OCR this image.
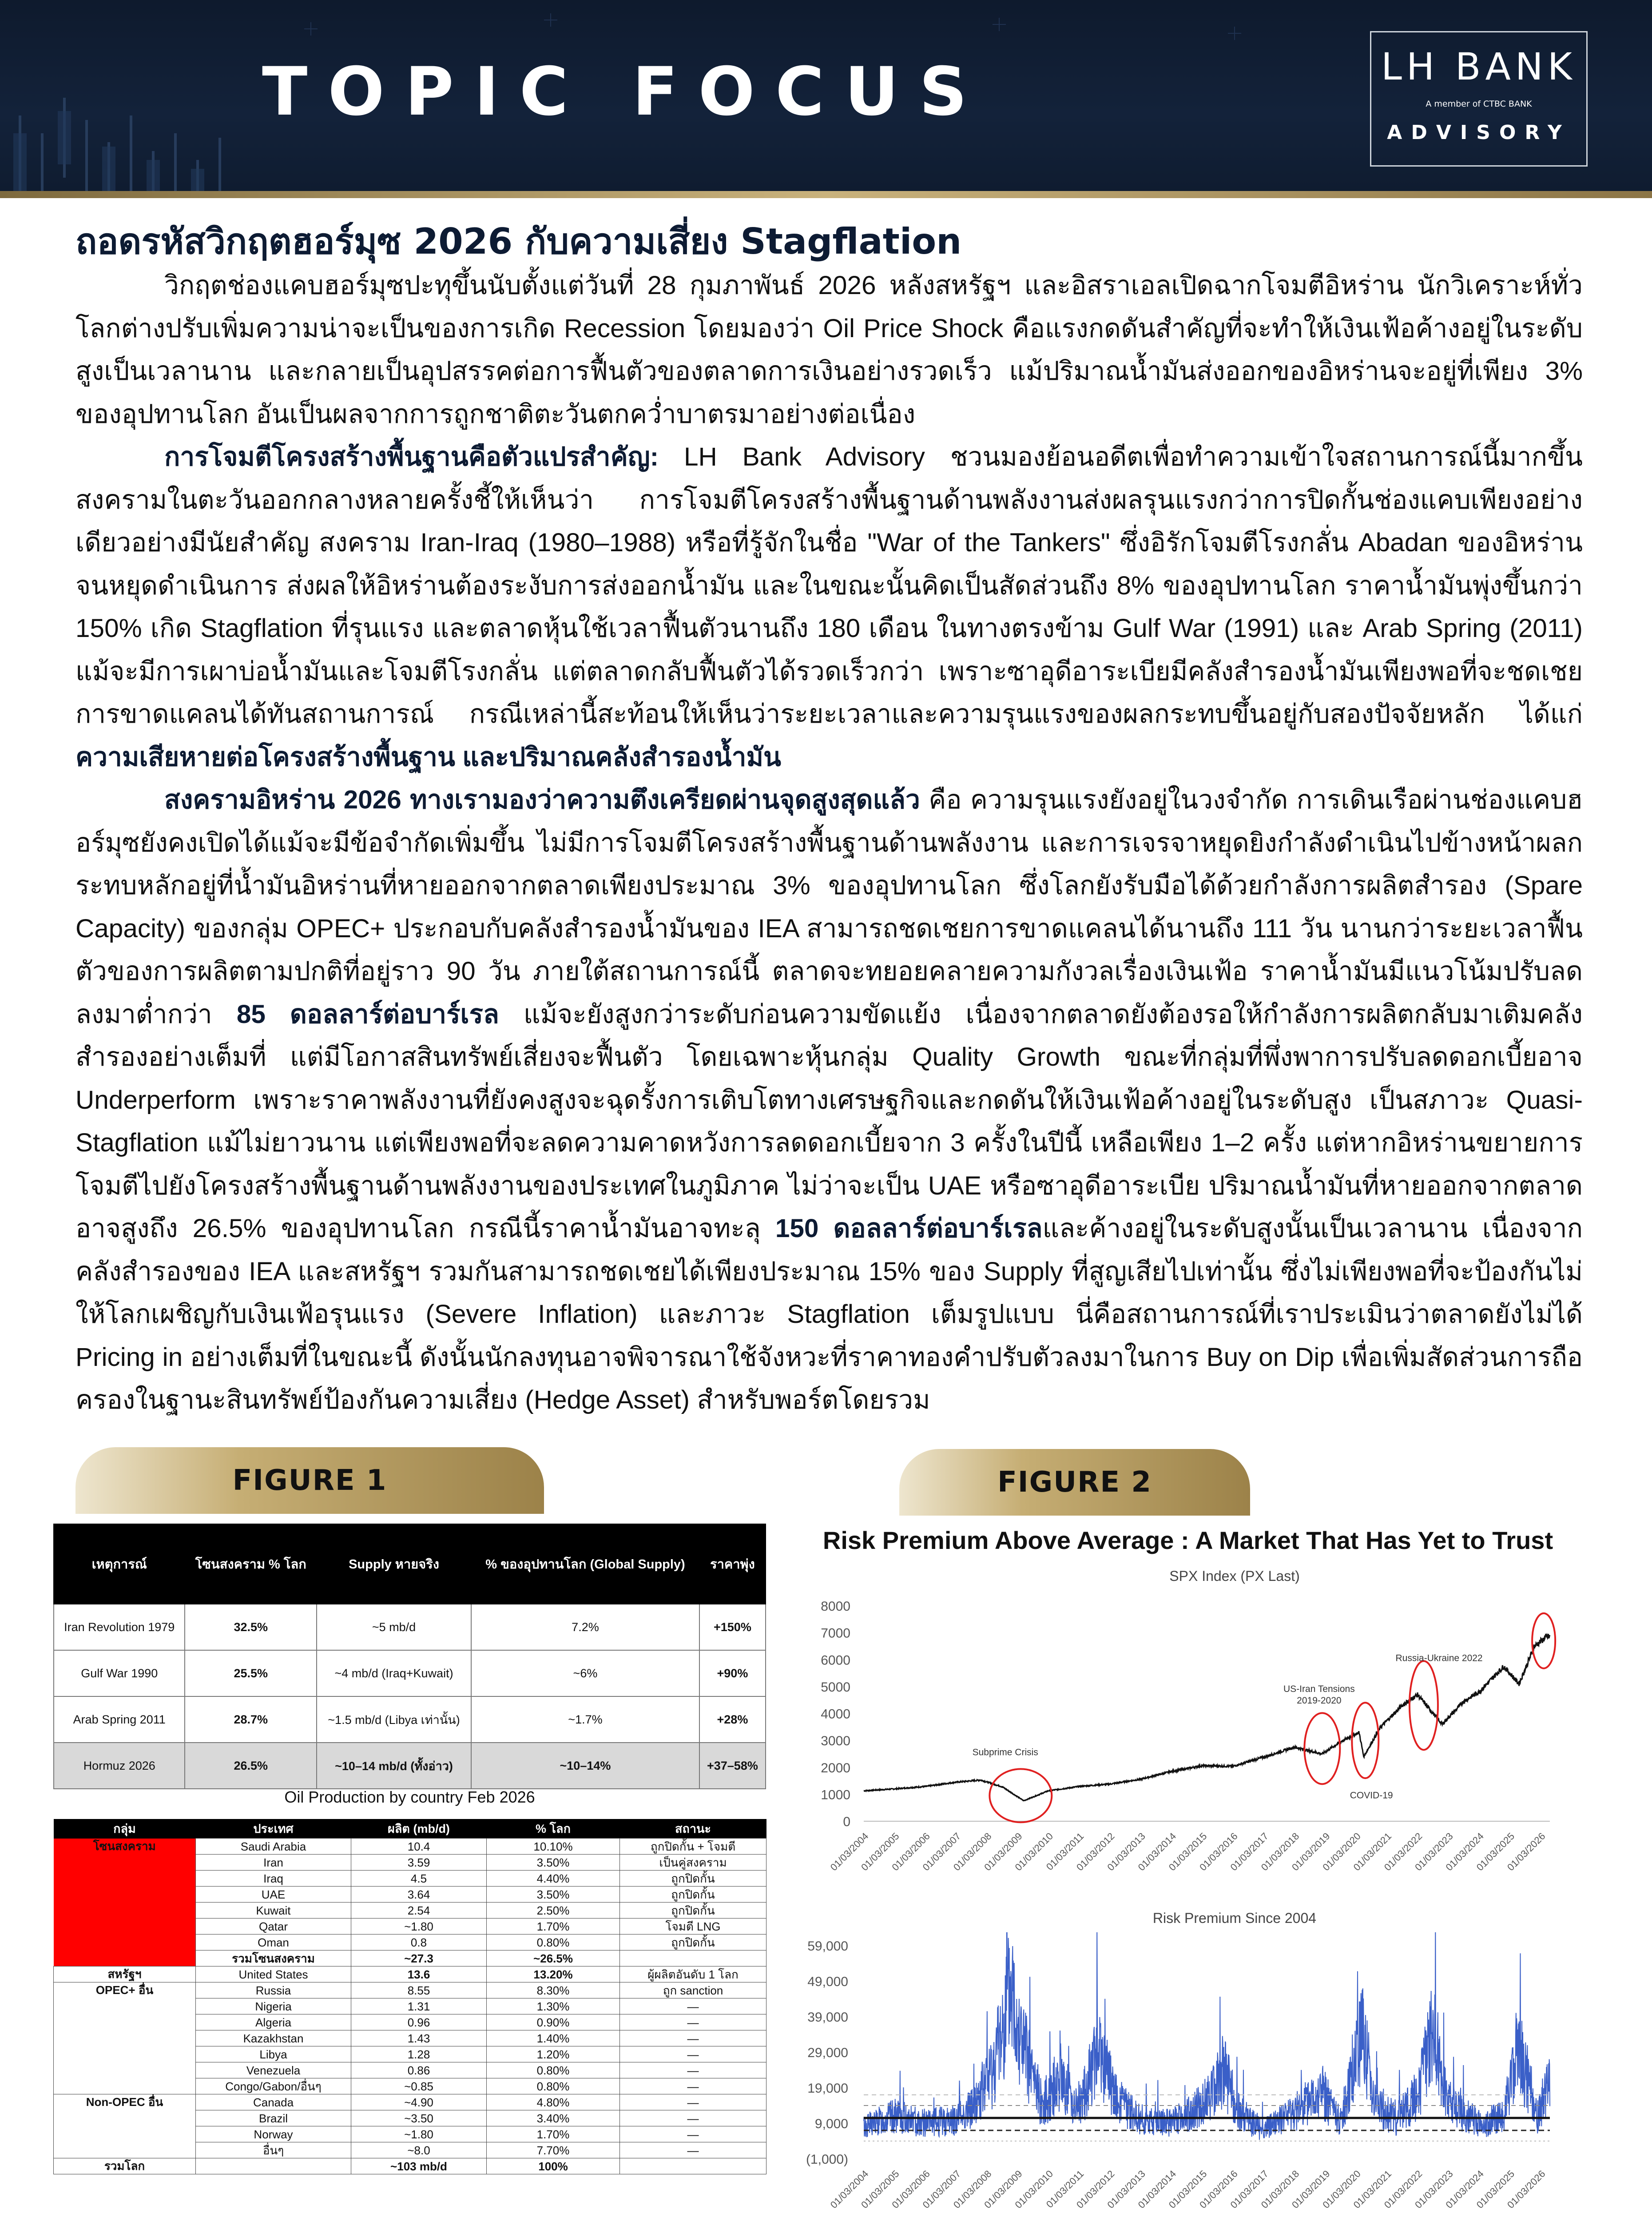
TOPIC FOCUS	LH BANK
A member of CTBC BANK
ADVISORY
ถอดรหัสวิกฤตฮอร์มุซ 2026 กับความเสี่ยง Stagflation

วิกฤตช่องแคบฮอร์มุซปะทุขึ้นนับตั้งแต่วันที่ 28 กุมภาพันธ์ 2026 หลังสหรัฐฯ และอิสราเอลเปิดฉากโจมตีอิหร่าน นักวิเคราะห์ทั่วโลกต่างปรับเพิ่มความน่าจะเป็นของการเกิด Recession โดยมองว่า Oil Price Shock คือแรงกดดันสำคัญที่จะทำให้เงินเฟ้อค้างอยู่ในระดับสูงเป็นเวลานาน และกลายเป็นอุปสรรคต่อการฟื้นตัวของตลาดการเงินอย่างรวดเร็ว แม้ปริมาณน้ำมันส่งออกของอิหร่านจะอยู่ที่เพียง 3% ของอุปทานโลก อันเป็นผลจากการถูกชาติตะวันตกคว่ำบาตรมาอย่างต่อเนื่อง

การโจมตีโครงสร้างพื้นฐานคือตัวแปรสำคัญ: LH Bank Advisory ชวนมองย้อนอดีตเพื่อทำความเข้าใจสถานการณ์นี้มากขึ้น สงครามในตะวันออกกลางหลายครั้งชี้ให้เห็นว่า การโจมตีโครงสร้างพื้นฐานด้านพลังงานส่งผลรุนแรงกว่าการปิดกั้นช่องแคบเพียงอย่างเดียวอย่างมีนัยสำคัญ สงคราม Iran-Iraq (1980–1988) หรือที่รู้จักในชื่อ "War of the Tankers" ซึ่งอิรักโจมตีโรงกลั่น Abadan ของอิหร่านจนหยุดดำเนินการ ส่งผลให้อิหร่านต้องระงับการส่งออกน้ำมัน และในขณะนั้นคิดเป็นสัดส่วนถึง 8% ของอุปทานโลก ราคาน้ำมันพุ่งขึ้นกว่า 150% เกิด Stagflation ที่รุนแรง และตลาดหุ้นใช้เวลาฟื้นตัวนานถึง 180 เดือน ในทางตรงข้าม Gulf War (1991) และ Arab Spring (2011) แม้จะมีการเผาบ่อน้ำมันและโจมตีโรงกลั่น แต่ตลาดกลับฟื้นตัวได้รวดเร็วกว่า เพราะซาอุดีอาระเบียมีคลังสำรองน้ำมันเพียงพอที่จะชดเชยการขาดแคลนได้ทันสถานการณ์ กรณีเหล่านี้สะท้อนให้เห็นว่าระยะเวลาและความรุนแรงของผลกระทบขึ้นอยู่กับสองปัจจัยหลัก ได้แก่ ความเสียหายต่อโครงสร้างพื้นฐาน และปริมาณคลังสำรองน้ำมัน

สงครามอิหร่าน 2026 ทางเรามองว่าความตึงเครียดผ่านจุดสูงสุดแล้ว คือ ความรุนแรงยังอยู่ในวงจำกัด การเดินเรือผ่านช่องแคบฮอร์มุซยังคงเปิดได้แม้จะมีข้อจำกัดเพิ่มขึ้น ไม่มีการโจมตีโครงสร้างพื้นฐานด้านพลังงาน และการเจรจาหยุดยิงกำลังดำเนินไปข้างหน้าผลกระทบหลักอยู่ที่น้ำมันอิหร่านที่หายออกจากตลาดเพียงประมาณ 3% ของอุปทานโลก ซึ่งโลกยังรับมือได้ด้วยกำลังการผลิตสำรอง (Spare Capacity) ของกลุ่ม OPEC+ ประกอบกับคลังสำรองน้ำมันของ IEA สามารถชดเชยการขาดแคลนได้นานถึง 111 วัน นานกว่าระยะเวลาฟื้นตัวของการผลิตตามปกติที่อยู่ราว 90 วัน ภายใต้สถานการณ์นี้ ตลาดจะทยอยคลายความกังวลเรื่องเงินเฟ้อ ราคาน้ำมันมีแนวโน้มปรับลดลงมาต่ำกว่า 85 ดอลลาร์ต่อบาร์เรล แม้จะยังสูงกว่าระดับก่อนความขัดแย้ง เนื่องจากตลาดยังต้องรอให้กำลังการผลิตกลับมาเติมคลังสำรองอย่างเต็มที่ แต่มีโอกาสสินทรัพย์เสี่ยงจะฟื้นตัว โดยเฉพาะหุ้นกลุ่ม Quality Growth ขณะที่กลุ่มที่พึ่งพาการปรับลดดอกเบี้ยอาจ Underperform เพราะราคาพลังงานที่ยังคงสูงจะฉุดรั้งการเติบโตทางเศรษฐกิจและกดดันให้เงินเฟ้อค้างอยู่ในระดับสูง เป็นสภาวะ Quasi-Stagflation แม้ไม่ยาวนาน แต่เพียงพอที่จะลดความคาดหวังการลดดอกเบี้ยจาก 3 ครั้งในปีนี้ เหลือเพียง 1–2 ครั้ง แต่หากอิหร่านขยายการโจมตีไปยังโครงสร้างพื้นฐานด้านพลังงานของประเทศในภูมิภาค ไม่ว่าจะเป็น UAE หรือซาอุดีอาระเบีย ปริมาณน้ำมันที่หายออกจากตลาดอาจสูงถึง 26.5% ของอุปทานโลก กรณีนี้ราคาน้ำมันอาจทะลุ 150 ดอลลาร์ต่อบาร์เรลและค้างอยู่ในระดับสูงนั้นเป็นเวลานาน เนื่องจากคลังสำรองของ IEA และสหรัฐฯ รวมกันสามารถชดเชยได้เพียงประมาณ 15% ของ Supply ที่สูญเสียไปเท่านั้น ซึ่งไม่เพียงพอที่จะป้องกันไม่ให้โลกเผชิญกับเงินเฟ้อรุนแรง (Severe Inflation) และภาวะ Stagflation เต็มรูปแบบ นี่คือสถานการณ์ที่เราประเมินว่าตลาดยังไม่ได้ Pricing in อย่างเต็มที่ในขณะนี้ ดังนั้นนักลงทุนอาจพิจารณาใช้จังหวะที่ราคาทองคำปรับตัวลงมาในการ Buy on Dip เพื่อเพิ่มสัดส่วนการถือครองในฐานะสินทรัพย์ป้องกันความเสี่ยง (Hedge Asset) สำหรับพอร์ตโดยรวม

FIGURE 1	FIGURE 2
เหตุการณ์	โซนสงคราม % โลก	Supply หายจริง	% ของอุปทานโลก (Global Supply)	ราคาพุ่ง
Iran Revolution 1979	32.5%	~5 mb/d	7.2%	+150%
Gulf War 1990	25.5%	~4 mb/d (Iraq+Kuwait)	~6%	+90%
Arab Spring 2011	28.7%	~1.5 mb/d (Libya เท่านั้น)	~1.7%	+28%
Hormuz 2026	26.5%	~10–14 mb/d (ทั้งอ่าว)	~10–14%	+37–58%
Oil Production by country Feb 2026
กลุ่ม	ประเทศ	ผลิต (mb/d)	% โลก	สถานะ
โซนสงคราม	Saudi Arabia	10.4	10.10%	ถูกปิดกั้น + โจมตี
	Iran	3.59	3.50%	เป็นคู่สงคราม
	Iraq	4.5	4.40%	ถูกปิดกั้น
	UAE	3.64	3.50%	ถูกปิดกั้น
	Kuwait	2.54	2.50%	ถูกปิดกั้น
	Qatar	~1.80	1.70%	โจมตี LNG
	Oman	0.8	0.80%	ถูกปิดกั้น
	รวมโซนสงคราม	~27.3	~26.5%	
สหรัฐฯ	United States	13.6	13.20%	ผู้ผลิตอันดับ 1 โลก
OPEC+ อื่น	Russia	8.55	8.30%	ถูก sanction
	Nigeria	1.31	1.30%	—
	Algeria	0.96	0.90%	—
	Kazakhstan	1.43	1.40%	—
	Libya	1.28	1.20%	—
	Venezuela	0.86	0.80%	—
	Congo/Gabon/อื่นๆ	~0.85	0.80%	—
Non-OPEC อื่น	Canada	~4.90	4.80%	—
	Brazil	~3.50	3.40%	—
	Norway	~1.80	1.70%	—
	อื่นๆ	~8.0	7.70%	—
รวมโลก		~103 mb/d	100%	
Risk Premium Above Average : A Market That Has Yet to Trust
SPX Index (PX Last)
8000
7000
6000
5000
4000
3000
2000
1000
0
01/03/2004
01/03/2005
01/03/2006
01/03/2007
01/03/2008
01/03/2009
01/03/2010
01/03/2011
01/03/2012
01/03/2013
01/03/2014
01/03/2015
01/03/2016
01/03/2017
01/03/2018
01/03/2019
01/03/2020
01/03/2021
01/03/2022
01/03/2023
01/03/2024
01/03/2025
01/03/2026
Subprime Crisis
US-Iran Tensions
2019-2020
Russia-Ukraine 2022
COVID-19
Risk Premium Since 2004
59,000
49,000
39,000
29,000
19,000
9,000
(1,000)
01/03/2004
01/03/2005
01/03/2006
01/03/2007
01/03/2008
01/03/2009
01/03/2010
01/03/2011
01/03/2012
01/03/2013
01/03/2014
01/03/2015
01/03/2016
01/03/2017
01/03/2018
01/03/2019
01/03/2020
01/03/2021
01/03/2022
01/03/2023
01/03/2024
01/03/2025
01/03/2026
